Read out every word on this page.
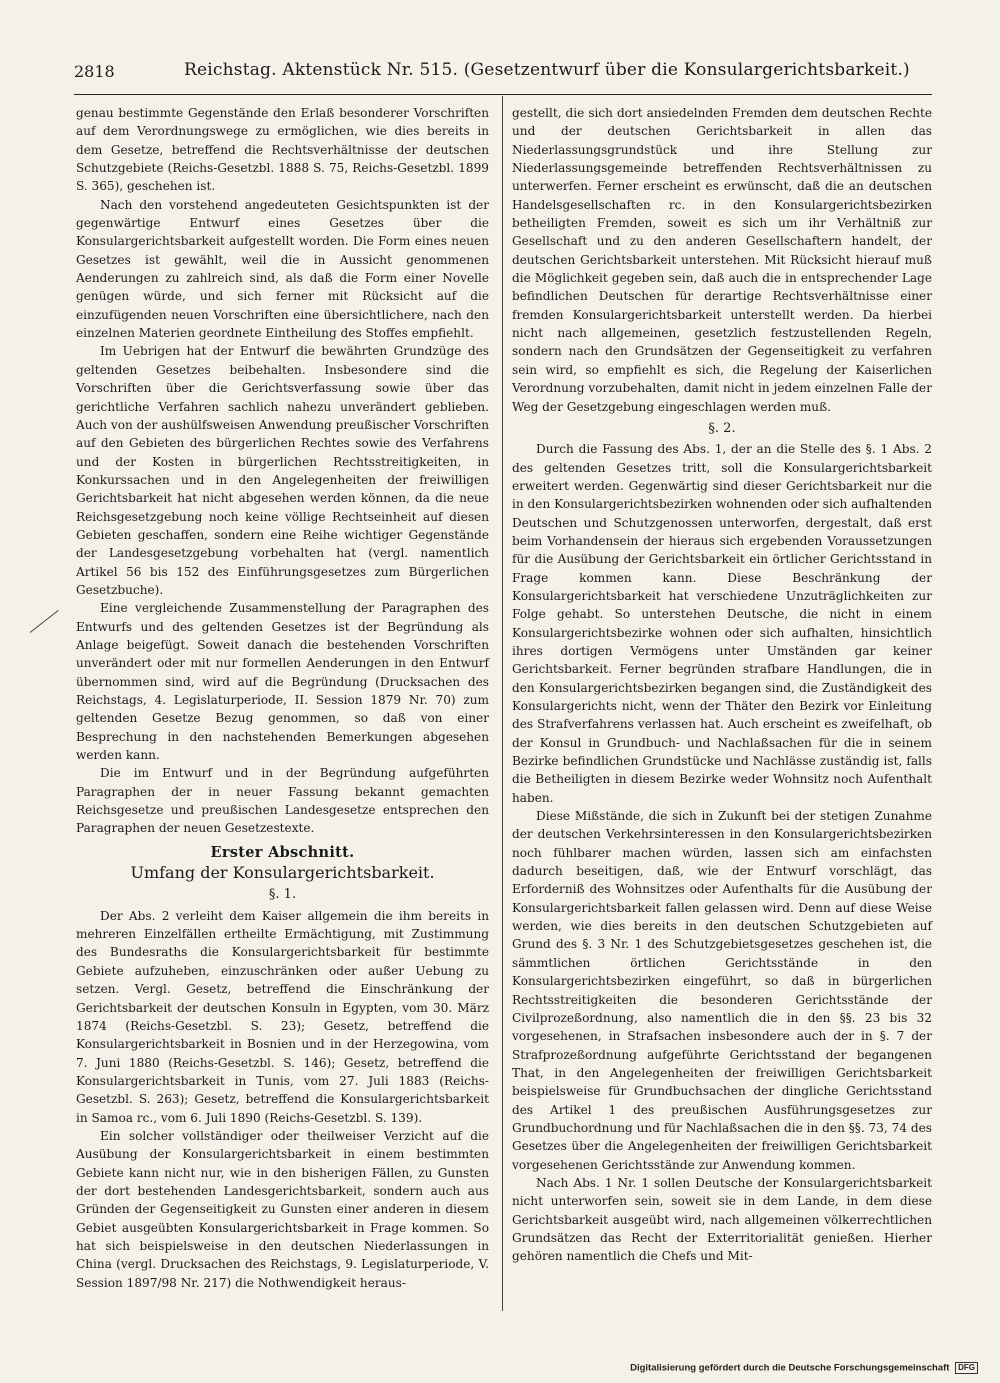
2818	Reichstag. Aktenstück Nr. 515. (Gesetzentwurf über die Konsulargerichtsbarkeit.)

genau bestimmte Gegenstände den Erlaß besonderer Vorschriften auf dem Verordnungswege zu ermöglichen, wie dies bereits in dem Gesetze, betreffend die Rechtsverhältnisse der deutschen Schutzgebiete (Reichs-Gesetzbl. 1888 S. 75, Reichs-Gesetzbl. 1899 S. 365), geschehen ist.

Nach den vorstehend angedeuteten Gesichtspunkten ist der gegenwärtige Entwurf eines Gesetzes über die Konsulargerichtsbarkeit aufgestellt worden. Die Form eines neuen Gesetzes ist gewählt, weil die in Aussicht genommenen Aenderungen zu zahlreich sind, als daß die Form einer Novelle genügen würde, und sich ferner mit Rücksicht auf die einzufügenden neuen Vorschriften eine übersichtlichere, nach den einzelnen Materien geordnete Eintheilung des Stoffes empfiehlt.

Im Uebrigen hat der Entwurf die bewährten Grundzüge des geltenden Gesetzes beibehalten. Insbesondere sind die Vorschriften über die Gerichtsverfassung sowie über das gerichtliche Verfahren sachlich nahezu unverändert geblieben. Auch von der aushülfsweisen Anwendung preußischer Vorschriften auf den Gebieten des bürgerlichen Rechtes sowie des Verfahrens und der Kosten in bürgerlichen Rechtsstreitigkeiten, in Konkurssachen und in den Angelegenheiten der freiwilligen Gerichtsbarkeit hat nicht abgesehen werden können, da die neue Reichsgesetzgebung noch keine völlige Rechtseinheit auf diesen Gebieten geschaffen, sondern eine Reihe wichtiger Gegenstände der Landesgesetzgebung vorbehalten hat (vergl. namentlich Artikel 56 bis 152 des Einführungsgesetzes zum Bürgerlichen Gesetzbuche).

Eine vergleichende Zusammenstellung der Paragraphen des Entwurfs und des geltenden Gesetzes ist der Begründung als Anlage beigefügt. Soweit danach die bestehenden Vorschriften unverändert oder mit nur formellen Aenderungen in den Entwurf übernommen sind, wird auf die Begründung (Drucksachen des Reichstags, 4. Legislaturperiode, II. Session 1879 Nr. 70) zum geltenden Gesetze Bezug genommen, so daß von einer Besprechung in den nachstehenden Bemerkungen abgesehen werden kann.

Die im Entwurf und in der Begründung aufgeführten Paragraphen der in neuer Fassung bekannt gemachten Reichsgesetze und preußischen Landesgesetze entsprechen den Paragraphen der neuen Gesetzestexte.

Erster Abschnitt.
Umfang der Konsulargerichtsbarkeit.
§. 1.

Der Abs. 2 verleiht dem Kaiser allgemein die ihm bereits in mehreren Einzelfällen ertheilte Ermächtigung, mit Zustimmung des Bundesraths die Konsulargerichtsbarkeit für bestimmte Gebiete aufzuheben, einzuschränken oder außer Uebung zu setzen. Vergl. Gesetz, betreffend die Einschränkung der Gerichtsbarkeit der deutschen Konsuln in Egypten, vom 30. März 1874 (Reichs-Gesetzbl. S. 23); Gesetz, betreffend die Konsulargerichtsbarkeit in Bosnien und in der Herzegowina, vom 7. Juni 1880 (Reichs-Gesetzbl. S. 146); Gesetz, betreffend die Konsulargerichtsbarkeit in Tunis, vom 27. Juli 1883 (Reichs-Gesetzbl. S. 263); Gesetz, betreffend die Konsulargerichtsbarkeit in Samoa rc., vom 6. Juli 1890 (Reichs-Gesetzbl. S. 139).

Ein solcher vollständiger oder theilweiser Verzicht auf die Ausübung der Konsulargerichtsbarkeit in einem bestimmten Gebiete kann nicht nur, wie in den bisherigen Fällen, zu Gunsten der dort bestehenden Landesgerichtsbarkeit, sondern auch aus Gründen der Gegenseitigkeit zu Gunsten einer anderen in diesem Gebiet ausgeübten Konsulargerichtsbarkeit in Frage kommen. So hat sich beispielsweise in den deutschen Niederlassungen in China (vergl. Drucksachen des Reichstags, 9. Legislaturperiode, V. Session 1897/98 Nr. 217) die Nothwendigkeit heraus-

gestellt, die sich dort ansiedelnden Fremden dem deutschen Rechte und der deutschen Gerichtsbarkeit in allen das Niederlassungsgrundstück und ihre Stellung zur Niederlassungsgemeinde betreffenden Rechtsverhältnissen zu unterwerfen. Ferner erscheint es erwünscht, daß die an deutschen Handelsgesellschaften rc. in den Konsulargerichtsbezirken betheiligten Fremden, soweit es sich um ihr Verhältniß zur Gesellschaft und zu den anderen Gesellschaftern handelt, der deutschen Gerichtsbarkeit unterstehen. Mit Rücksicht hierauf muß die Möglichkeit gegeben sein, daß auch die in entsprechender Lage befindlichen Deutschen für derartige Rechtsverhältnisse einer fremden Konsulargerichtsbarkeit unterstellt werden. Da hierbei nicht nach allgemeinen, gesetzlich festzustellenden Regeln, sondern nach den Grundsätzen der Gegenseitigkeit zu verfahren sein wird, so empfiehlt es sich, die Regelung der Kaiserlichen Verordnung vorzubehalten, damit nicht in jedem einzelnen Falle der Weg der Gesetzgebung eingeschlagen werden muß.

§. 2.

Durch die Fassung des Abs. 1, der an die Stelle des §. 1 Abs. 2 des geltenden Gesetzes tritt, soll die Konsulargerichtsbarkeit erweitert werden. Gegenwärtig sind dieser Gerichtsbarkeit nur die in den Konsulargerichtsbezirken wohnenden oder sich aufhaltenden Deutschen und Schutzgenossen unterworfen, dergestalt, daß erst beim Vorhandensein der hieraus sich ergebenden Voraussetzungen für die Ausübung der Gerichtsbarkeit ein örtlicher Gerichtsstand in Frage kommen kann. Diese Beschränkung der Konsulargerichtsbarkeit hat verschiedene Unzuträglichkeiten zur Folge gehabt. So unterstehen Deutsche, die nicht in einem Konsulargerichtsbezirke wohnen oder sich aufhalten, hinsichtlich ihres dortigen Vermögens unter Umständen gar keiner Gerichtsbarkeit. Ferner begründen strafbare Handlungen, die in den Konsulargerichtsbezirken begangen sind, die Zuständigkeit des Konsulargerichts nicht, wenn der Thäter den Bezirk vor Einleitung des Strafverfahrens verlassen hat. Auch erscheint es zweifelhaft, ob der Konsul in Grundbuch- und Nachlaßsachen für die in seinem Bezirke befindlichen Grundstücke und Nachlässe zuständig ist, falls die Betheiligten in diesem Bezirke weder Wohnsitz noch Aufenthalt haben.

Diese Mißstände, die sich in Zukunft bei der stetigen Zunahme der deutschen Verkehrsinteressen in den Konsulargerichtsbezirken noch fühlbarer machen würden, lassen sich am einfachsten dadurch beseitigen, daß, wie der Entwurf vorschlägt, das Erforderniß des Wohnsitzes oder Aufenthalts für die Ausübung der Konsulargerichtsbarkeit fallen gelassen wird. Denn auf diese Weise werden, wie dies bereits in den deutschen Schutzgebieten auf Grund des §. 3 Nr. 1 des Schutzgebietsgesetzes geschehen ist, die sämmtlichen örtlichen Gerichtsstände in den Konsulargerichtsbezirken eingeführt, so daß in bürgerlichen Rechtsstreitigkeiten die besonderen Gerichtsstände der Civilprozeßordnung, also namentlich die in den §§. 23 bis 32 vorgesehenen, in Strafsachen insbesondere auch der in §. 7 der Strafprozeßordnung aufgeführte Gerichtsstand der begangenen That, in den Angelegenheiten der freiwilligen Gerichtsbarkeit beispielsweise für Grundbuchsachen der dingliche Gerichtsstand des Artikel 1 des preußischen Ausführungsgesetzes zur Grundbuchordnung und für Nachlaßsachen die in den §§. 73, 74 des Gesetzes über die Angelegenheiten der freiwilligen Gerichtsbarkeit vorgesehenen Gerichtsstände zur Anwendung kommen.

Nach Abs. 1 Nr. 1 sollen Deutsche der Konsulargerichtsbarkeit nicht unterworfen sein, soweit sie in dem Lande, in dem diese Gerichtsbarkeit ausgeübt wird, nach allgemeinen völkerrechtlichen Grundsätzen das Recht der Exterritorialität genießen. Hierher gehören namentlich die Chefs und Mit-

Digitalisierung gefördert durch die Deutsche Forschungsgemeinschaft DFG
